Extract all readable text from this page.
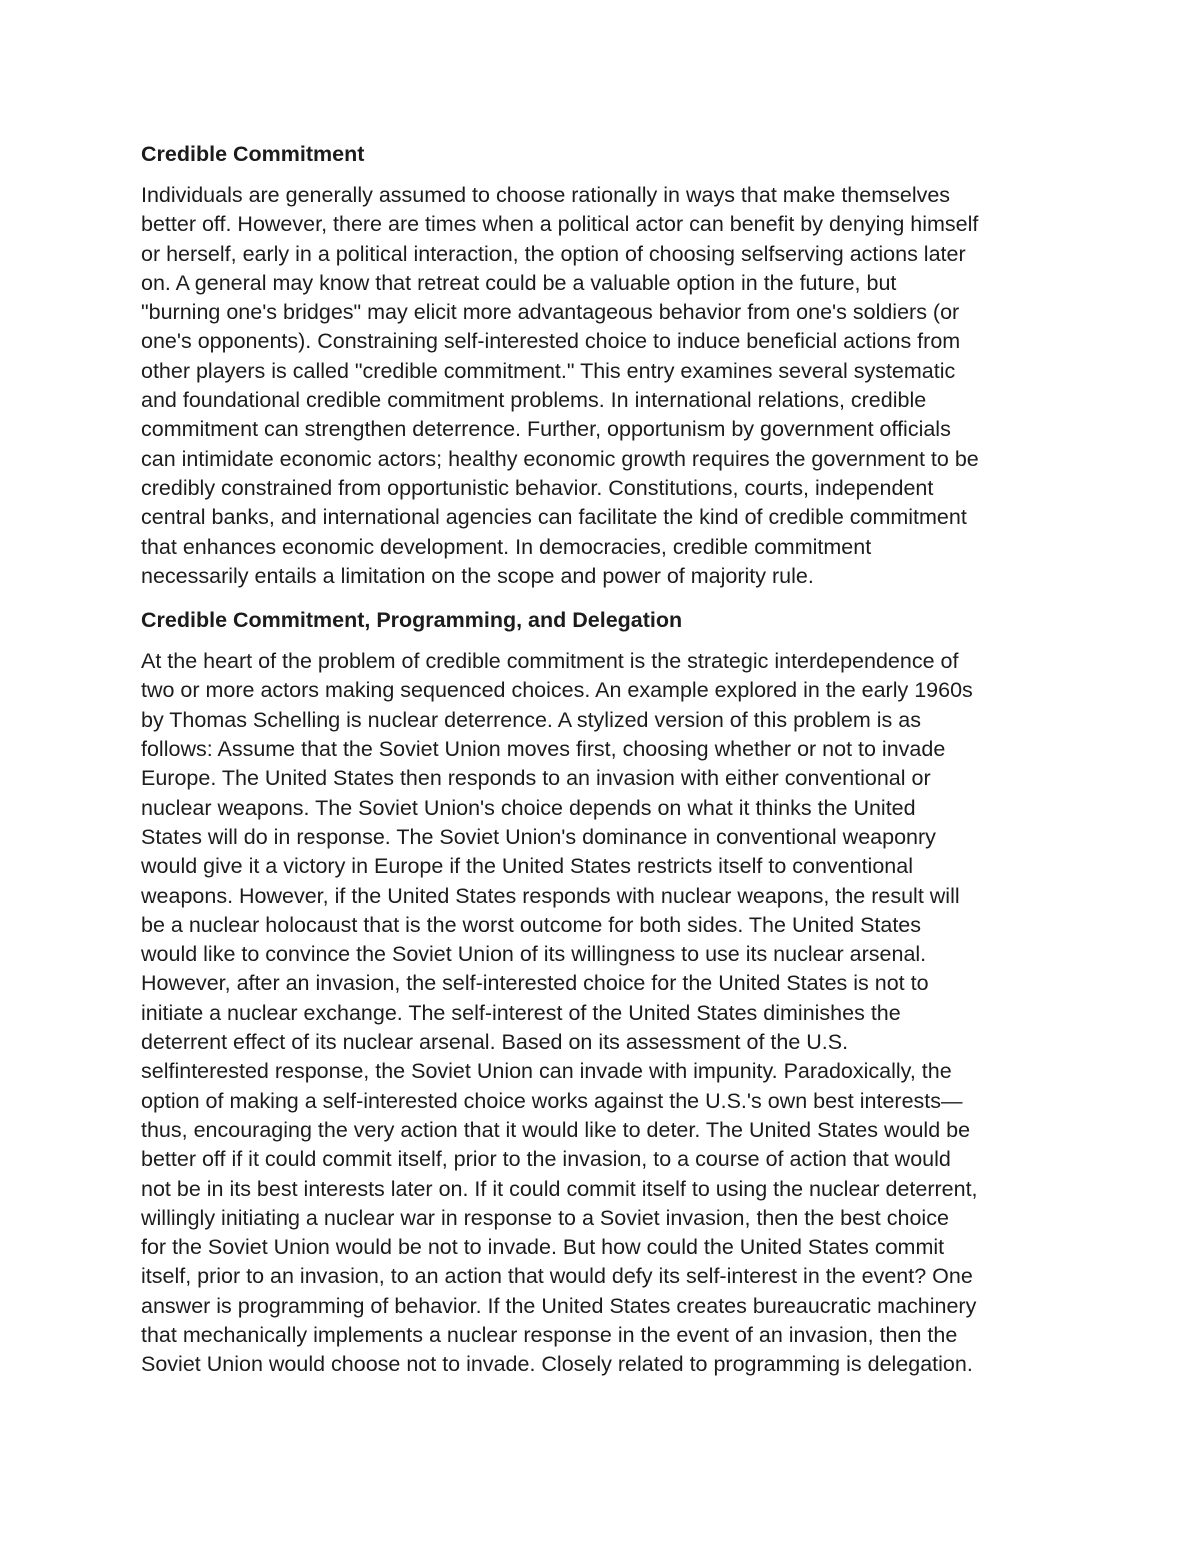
Credible Commitment

Individuals are generally assumed to choose rationally in ways that make themselves
better off. However, there are times when a political actor can benefit by denying himself
or herself, early in a political interaction, the option of choosing selfserving actions later
on. A general may know that retreat could be a valuable option in the future, but
"burning one's bridges" may elicit more advantageous behavior from one's soldiers (or
one's opponents). Constraining self-interested choice to induce beneficial actions from
other players is called "credible commitment." This entry examines several systematic
and foundational credible commitment problems. In international relations, credible
commitment can strengthen deterrence. Further, opportunism by government officials
can intimidate economic actors; healthy economic growth requires the government to be
credibly constrained from opportunistic behavior. Constitutions, courts, independent
central banks, and international agencies can facilitate the kind of credible commitment
that enhances economic development. In democracies, credible commitment
necessarily entails a limitation on the scope and power of majority rule.

Credible Commitment, Programming, and Delegation

At the heart of the problem of credible commitment is the strategic interdependence of
two or more actors making sequenced choices. An example explored in the early 1960s
by Thomas Schelling is nuclear deterrence. A stylized version of this problem is as
follows: Assume that the Soviet Union moves first, choosing whether or not to invade
Europe. The United States then responds to an invasion with either conventional or
nuclear weapons. The Soviet Union's choice depends on what it thinks the United
States will do in response. The Soviet Union's dominance in conventional weaponry
would give it a victory in Europe if the United States restricts itself to conventional
weapons. However, if the United States responds with nuclear weapons, the result will
be a nuclear holocaust that is the worst outcome for both sides. The United States
would like to convince the Soviet Union of its willingness to use its nuclear arsenal.
However, after an invasion, the self-interested choice for the United States is not to
initiate a nuclear exchange. The self-interest of the United States diminishes the
deterrent effect of its nuclear arsenal. Based on its assessment of the U.S.
selfinterested response, the Soviet Union can invade with impunity. Paradoxically, the
option of making a self-interested choice works against the U.S.'s own best interests—
thus, encouraging the very action that it would like to deter. The United States would be
better off if it could commit itself, prior to the invasion, to a course of action that would
not be in its best interests later on. If it could commit itself to using the nuclear deterrent,
willingly initiating a nuclear war in response to a Soviet invasion, then the best choice
for the Soviet Union would be not to invade. But how could the United States commit
itself, prior to an invasion, to an action that would defy its self-interest in the event? One
answer is programming of behavior. If the United States creates bureaucratic machinery
that mechanically implements a nuclear response in the event of an invasion, then the
Soviet Union would choose not to invade. Closely related to programming is delegation.
